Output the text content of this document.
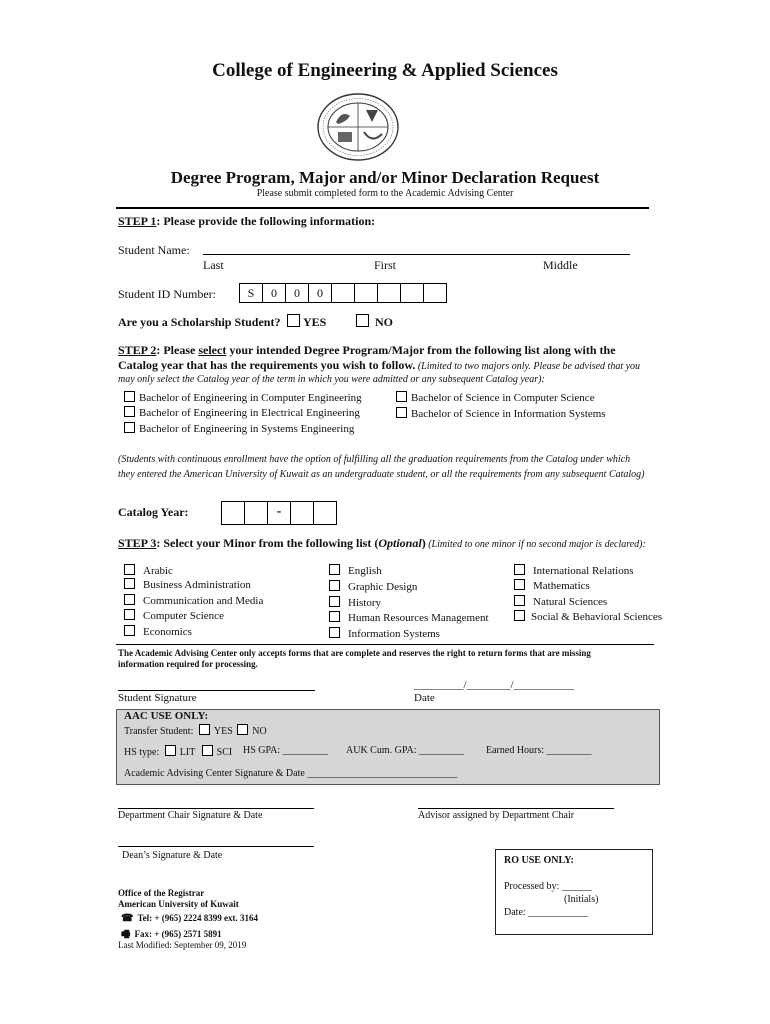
College of Engineering & Applied Sciences
Degree Program, Major and/or Minor Declaration Request
Please submit completed form to the Academic Advising Center
STEP 1: Please provide the following information:
Student Name:
Last	First	Middle
Student ID Number:	S	0	0	0
Are you a Scholarship Student?	YES	NO
STEP 2: Please select your intended Degree Program/Major from the following list along with the
Catalog year that has the requirements you wish to follow. (Limited to two majors only. Please be advised that you
may only select the Catalog year of the term in which you were admitted or any subsequent Catalog year):
Bachelor of Engineering in Computer Engineering
Bachelor of Engineering in Electrical Engineering
Bachelor of Engineering in Systems Engineering
Bachelor of Science in Computer Science
Bachelor of Science in Information Systems
(Students with continuous enrollment have the option of fulfilling all the graduation requirements from the Catalog under which they entered the American University of Kuwait as an undergraduate student, or all the requirements from any subsequent Catalog)
Catalog Year:	-
STEP 3: Select your Minor from the following list (Optional) (Limited to one minor if no second major is declared):
Arabic
Business Administration
Communication and Media
Computer Science
Economics
English
Graphic Design
History
Human Resources Management
Information Systems
International Relations
Mathematics
Natural Sciences
Social & Behavioral Sciences
The Academic Advising Center only accepts forms that are complete and reserves the right to return forms that are missing information required for processing.
Student Signature
_________/________/___________
Date
AAC USE ONLY:
Transfer Student: YES NO
HS type: LIT SCI HS GPA: _________ AUK Cum. GPA: _________ Earned Hours: _________
Academic Advising Center Signature & Date ______________________________
Department Chair Signature & Date	Advisor assigned by Department Chair
Dean’s Signature & Date
Office of the Registrar
American University of Kuwait
☎ Tel: + (965) 2224 8399 ext. 3164
🖷 Fax: + (965) 2571 5891
Last Modified: September 09, 2019
RO USE ONLY:
Processed by: ______
(Initials)
Date: ____________
